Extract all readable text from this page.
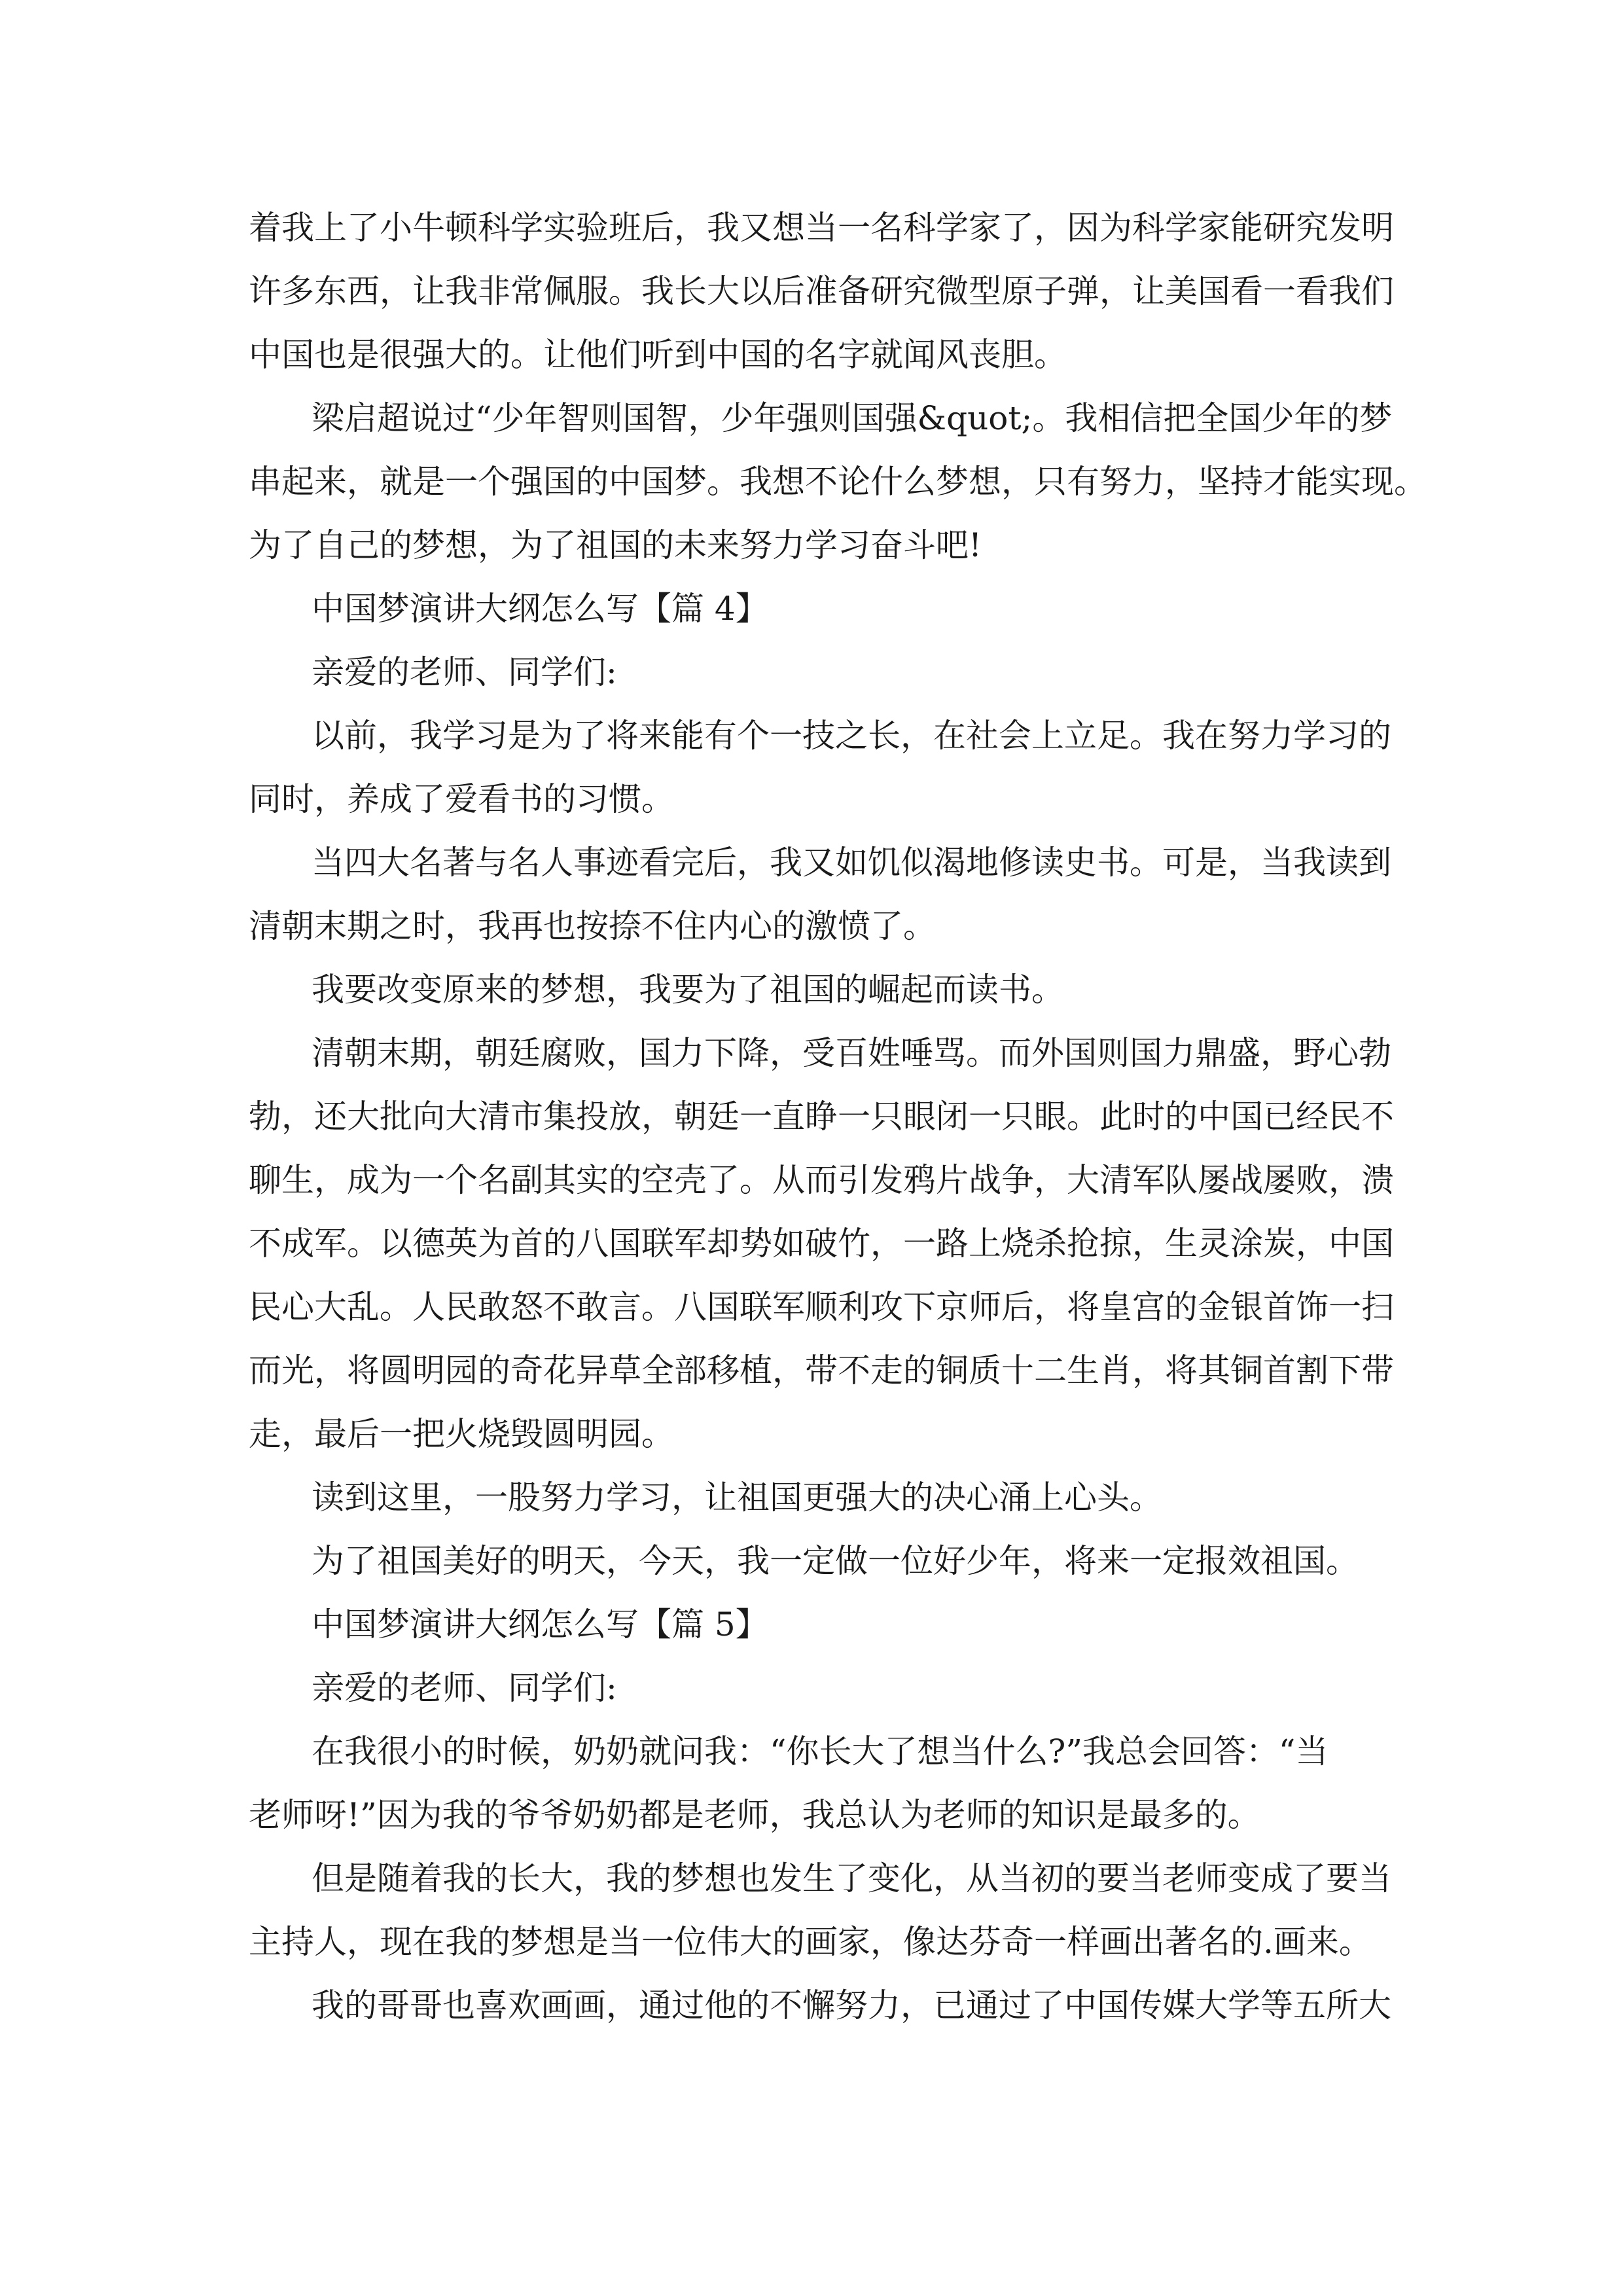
着我上了小牛顿科学实验班后，我又想当一名科学家了，因为科学家能研究发明
许多东西，让我非常佩服。我长大以后准备研究微型原子弹，让美国看一看我们
中国也是很强大的。让他们听到中国的名字就闻风丧胆。
梁启超说过“少年智则国智，少年强则国强&quot;。我相信把全国少年的梦
串起来，就是一个强国的中国梦。我想不论什么梦想，只有努力，坚持才能实现。
为了自己的梦想，为了祖国的未来努力学习奋斗吧!
中国梦演讲大纲怎么写【篇 4】
亲爱的老师、同学们:
以前，我学习是为了将来能有个一技之长，在社会上立足。我在努力学习的
同时，养成了爱看书的习惯。
当四大名著与名人事迹看完后，我又如饥似渴地修读史书。可是，当我读到
清朝末期之时，我再也按捺不住内心的激愤了。
我要改变原来的梦想，我要为了祖国的崛起而读书。
清朝末期，朝廷腐败，国力下降，受百姓唾骂。而外国则国力鼎盛，野心勃
勃，还大批向大清市集投放，朝廷一直睁一只眼闭一只眼。此时的中国已经民不
聊生，成为一个名副其实的空壳了。从而引发鸦片战争，大清军队屡战屡败，溃
不成军。以德英为首的八国联军却势如破竹，一路上烧杀抢掠，生灵涂炭，中国
民心大乱。人民敢怒不敢言。八国联军顺利攻下京师后，将皇宫的金银首饰一扫
而光，将圆明园的奇花异草全部移植，带不走的铜质十二生肖，将其铜首割下带
走，最后一把火烧毁圆明园。
读到这里，一股努力学习，让祖国更强大的决心涌上心头。
为了祖国美好的明天，今天，我一定做一位好少年，将来一定报效祖国。
中国梦演讲大纲怎么写【篇 5】
亲爱的老师、同学们:
在我很小的时候，奶奶就问我：“你长大了想当什么?”我总会回答：“当
老师呀!”因为我的爷爷奶奶都是老师，我总认为老师的知识是最多的。
但是随着我的长大，我的梦想也发生了变化，从当初的要当老师变成了要当
主持人，现在我的梦想是当一位伟大的画家，像达芬奇一样画出著名的.画来。
我的哥哥也喜欢画画，通过他的不懈努力，已通过了中国传媒大学等五所大
